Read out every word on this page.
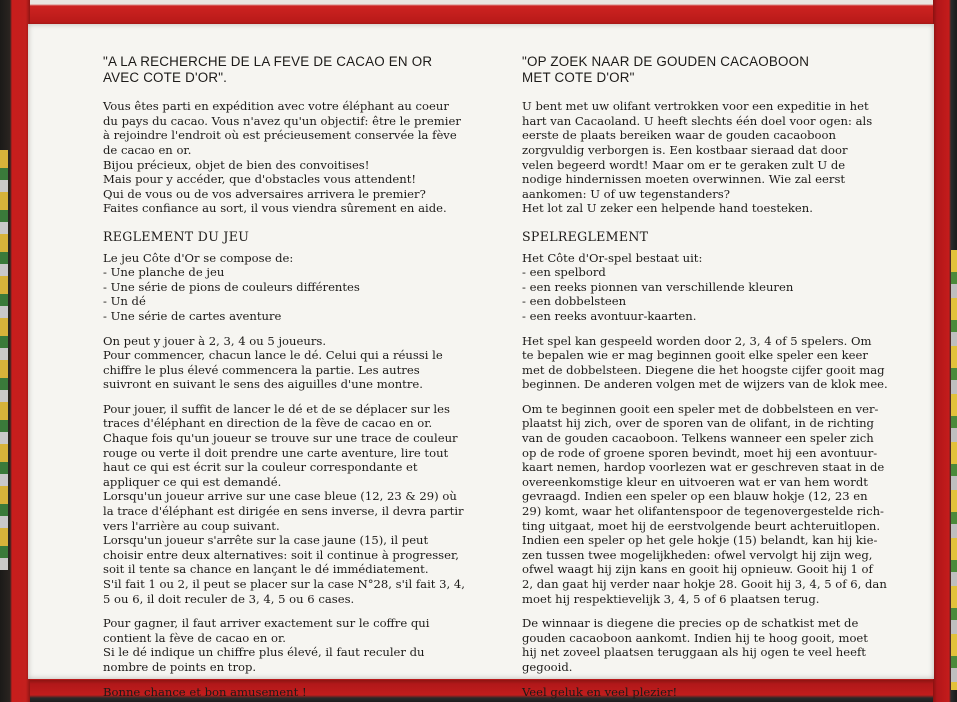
"A LA RECHERCHE DE LA FEVE DE CACAO EN OR
AVEC COTE D'OR".
Vous êtes parti en expédition avec votre éléphant au coeur
du pays du cacao. Vous n'avez qu'un objectif: être le premier
à rejoindre l'endroit où est précieusement conservée la fève
de cacao en or.
Bijou précieux, objet de bien des convoitises!
Mais pour y accéder, que d'obstacles vous attendent!
Qui de vous ou de vos adversaires arrivera le premier?
Faites confiance au sort, il vous viendra sûrement en aide.
REGLEMENT DU JEU
Le jeu Côte d'Or se compose de:
- Une planche de jeu
- Une série de pions de couleurs différentes
- Un dé
- Une série de cartes aventure
On peut y jouer à 2, 3, 4 ou 5 joueurs.
Pour commencer, chacun lance le dé. Celui qui a réussi le
chiffre le plus élevé commencera la partie. Les autres
suivront en suivant le sens des aiguilles d'une montre.
Pour jouer, il suffit de lancer le dé et de se déplacer sur les
traces d'éléphant en direction de la fève de cacao en or.
Chaque fois qu'un joueur se trouve sur une trace de couleur
rouge ou verte il doit prendre une carte aventure, lire tout
haut ce qui est écrit sur la couleur correspondante et
appliquer ce qui est demandé.
Lorsqu'un joueur arrive sur une case bleue (12, 23 & 29) où
la trace d'éléphant est dirigée en sens inverse, il devra partir
vers l'arrière au coup suivant.
Lorsqu'un joueur s'arrête sur la case jaune (15), il peut
choisir entre deux alternatives: soit il continue à progresser,
soit il tente sa chance en lançant le dé immédiatement.
S'il fait 1 ou 2, il peut se placer sur la case N°28, s'il fait 3, 4,
5 ou 6, il doit reculer de 3, 4, 5 ou 6 cases.
Pour gagner, il faut arriver exactement sur le coffre qui
contient la fève de cacao en or.
Si le dé indique un chiffre plus élevé, il faut reculer du
nombre de points en trop.
Bonne chance et bon amusement !
"OP ZOEK NAAR DE GOUDEN CACAOBOON
MET COTE D'OR"
U bent met uw olifant vertrokken voor een expeditie in het
hart van Cacaoland. U heeft slechts één doel voor ogen: als
eerste de plaats bereiken waar de gouden cacaoboon
zorgvuldig verborgen is. Een kostbaar sieraad dat door
velen begeerd wordt! Maar om er te geraken zult U de
nodige hindernissen moeten overwinnen. Wie zal eerst
aankomen: U of uw tegenstanders?
Het lot zal U zeker een helpende hand toesteken.
SPELREGLEMENT
Het Côte d'Or-spel bestaat uit:
- een spelbord
- een reeks pionnen van verschillende kleuren
- een dobbelsteen
- een reeks avontuur-kaarten.
Het spel kan gespeeld worden door 2, 3, 4 of 5 spelers. Om
te bepalen wie er mag beginnen gooit elke speler een keer
met de dobbelsteen. Diegene die het hoogste cijfer gooit mag
beginnen. De anderen volgen met de wijzers van de klok mee.
Om te beginnen gooit een speler met de dobbelsteen en ver-
plaatst hij zich, over de sporen van de olifant, in de richting
van de gouden cacaoboon. Telkens wanneer een speler zich
op de rode of groene sporen bevindt, moet hij een avontuur-
kaart nemen, hardop voorlezen wat er geschreven staat in de
overeenkomstige kleur en uitvoeren wat er van hem wordt
gevraagd. Indien een speler op een blauw hokje (12, 23 en
29) komt, waar het olifantenspoor de tegenovergestelde rich-
ting uitgaat, moet hij de eerstvolgende beurt achteruitlopen.
Indien een speler op het gele hokje (15) belandt, kan hij kie-
zen tussen twee mogelijkheden: ofwel vervolgt hij zijn weg,
ofwel waagt hij zijn kans en gooit hij opnieuw. Gooit hij 1 of
2, dan gaat hij verder naar hokje 28. Gooit hij 3, 4, 5 of 6, dan
moet hij respektievelijk 3, 4, 5 of 6 plaatsen terug.
De winnaar is diegene die precies op de schatkist met de
gouden cacaoboon aankomt. Indien hij te hoog gooit, moet
hij net zoveel plaatsen teruggaan als hij ogen te veel heeft
gegooid.
Veel geluk en veel plezier!
